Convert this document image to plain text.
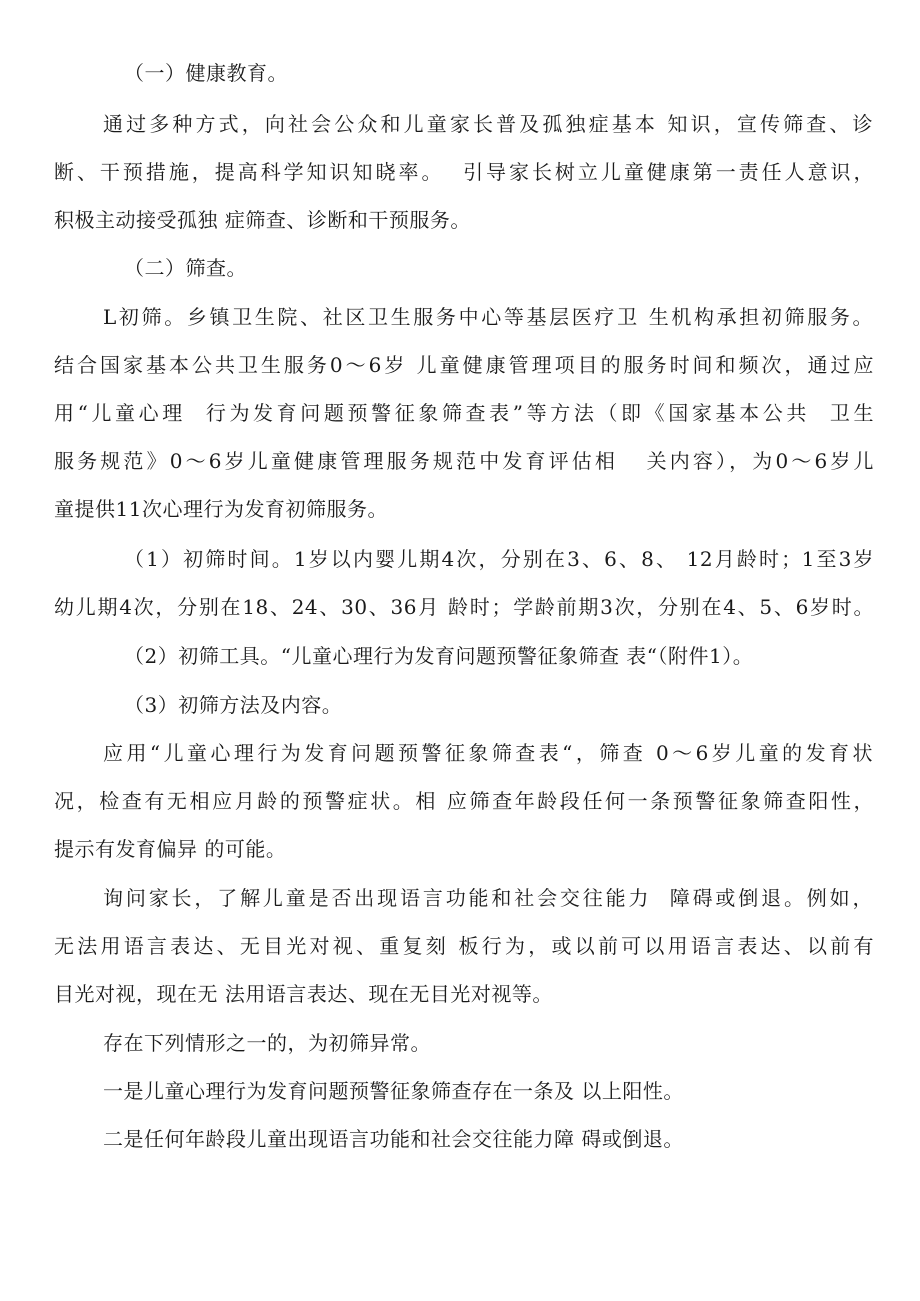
（一）健康教育。
通过多种方式，向社会公众和儿童家长普及孤独症基本 知识，宣传筛查、诊
断、干预措施，提高科学知识知晓率。  引导家长树立儿童健康第一责任人意识，
积极主动接受孤独 症筛查、诊断和干预服务。
（二）筛查。
L初筛。乡镇卫生院、社区卫生服务中心等基层医疗卫 生机构承担初筛服务。
结合国家基本公共卫生服务0～6岁 儿童健康管理项目的服务时间和频次，通过应
用“儿童心理  行为发育问题预警征象筛查表”等方法（即《国家基本公共  卫生
服务规范》0～6岁儿童健康管理服务规范中发育评估相   关内容），为0～6岁儿
童提供11次心理行为发育初筛服务。
（1）初筛时间。1岁以内婴儿期4次，分别在3、6、8、 12月龄时；1至3岁
幼儿期4次，分别在18、24、30、36月 龄时；学龄前期3次，分别在4、5、6岁时。
（2）初筛工具。“儿童心理行为发育问题预警征象筛查 表“（附件1）。
（3）初筛方法及内容。
应用“儿童心理行为发育问题预警征象筛查表“，筛查 0～6岁儿童的发育状
况，检查有无相应月龄的预警症状。相 应筛查年龄段任何一条预警征象筛查阳性，
提示有发育偏异 的可能。
询问家长，了解儿童是否出现语言功能和社会交往能力  障碍或倒退。例如，
无法用语言表达、无目光对视、重复刻 板行为，或以前可以用语言表达、以前有
目光对视，现在无 法用语言表达、现在无目光对视等。
存在下列情形之一的，为初筛异常。
一是儿童心理行为发育问题预警征象筛查存在一条及 以上阳性。
二是任何年龄段儿童出现语言功能和社会交往能力障 碍或倒退。
